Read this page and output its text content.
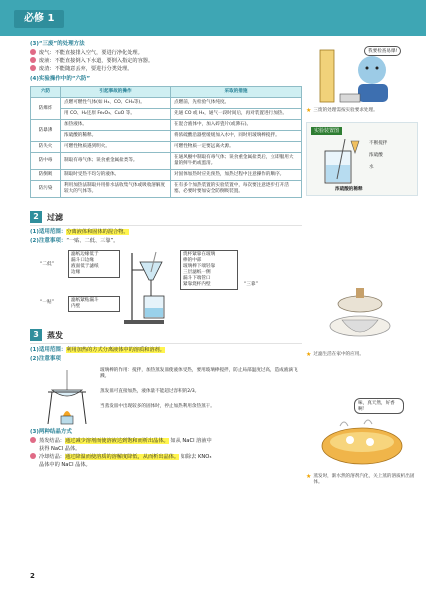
必修 1
(3)“三废”的处理方法
废气：不能直接排入空气，要进行净化处理。
废液：不能直接倒入下水道，要倒入指定的容器。
废渣：不能随意丢弃，要进行分类处理。
(4)实验操作中的“六防”
六防	引起事故的操作	采取的措施
防爆炸	点燃可燃性气体(如 H₂、CO、CH₄等)。	点燃前，先检验气体纯度。
	用 CO、H₂还原 Fe₂O₃、CuO 等。	先通 CO 或 H₂，通气一段时间后，再对装置进行加热。
防暴沸	加热液体。	在混合液体中，加入碎瓷片(或沸石)。
	浓硫酸的稀释。	将浓硫酸沿器壁缓缓加入水中，同时用玻璃棒搅拌。
防失火	可燃性物质遇到明火。	可燃性物质一定要远离火源。
防中毒	制取有毒气体；误食重金属盐类等。	在通风橱中制取有毒气体；误食重金属盐类后，立即服用大量的鲜牛奶或蛋清。
防倒吸	制取时受热不均匀的液体。	对固体加热时应先预热，加热过程中注意操作的顺序。
防污染	利用加热法制取并用排水法收集气体或吸收溶解度较大的气体等。	在有多个加热装置的实验装置中，每次要注意逐步打开活塞，必要时要加安全防倒吸装置。
2	过滤
(1)适用范围：分离液体和固体的混合物。
(2)注意事项：“一贴、二低、三靠”。
滤纸边缘低于
漏斗口边缘
液面低于滤纸
边缘
“二低”
“一贴”	滤纸紧贴漏斗
内壁
烧杯紧靠在玻璃
棒的中部
玻璃棒下端轻靠
三层滤纸一侧
漏斗下端管口
紧靠烧杯内壁	“三靠”
3	蒸发
(1)适用范围：利用加热的方式分离液体中的溶质和溶剂。
(2)注意事项
玻璃棒的作用：搅拌，加热蒸发皿使液体受热，要用玻璃棒搅拌，防止局部温度过高，造成液滴飞溅。
蒸发皿可直接加热，液体量不能超过容积的2/3。
当蒸发皿中出现较多的固体时，停止加热利用余热蒸干。
(3)两种结晶方式
蒸发结晶：通过减少溶剂而使溶液达到饱和而析出晶体。 如从 NaCl 溶液中
获得 NaCl 晶体。
冷却结晶：通过降温而使溶质的溶解度降低，从而析出晶体。 如除去 KNO₃
晶体中的 NaCl 晶体。
我要检查易爆!
★ 三废的处理需按实验要求处理。
实验装置图
不断搅拌
浓硫酸
水
浓硫酸的稀释
★ 过滤生活在家中的应用。
味，真天然，好香啊！
★ 蒸发时，渐水然的溶剂汽化，关上蒸的溶质析出固体。
2
